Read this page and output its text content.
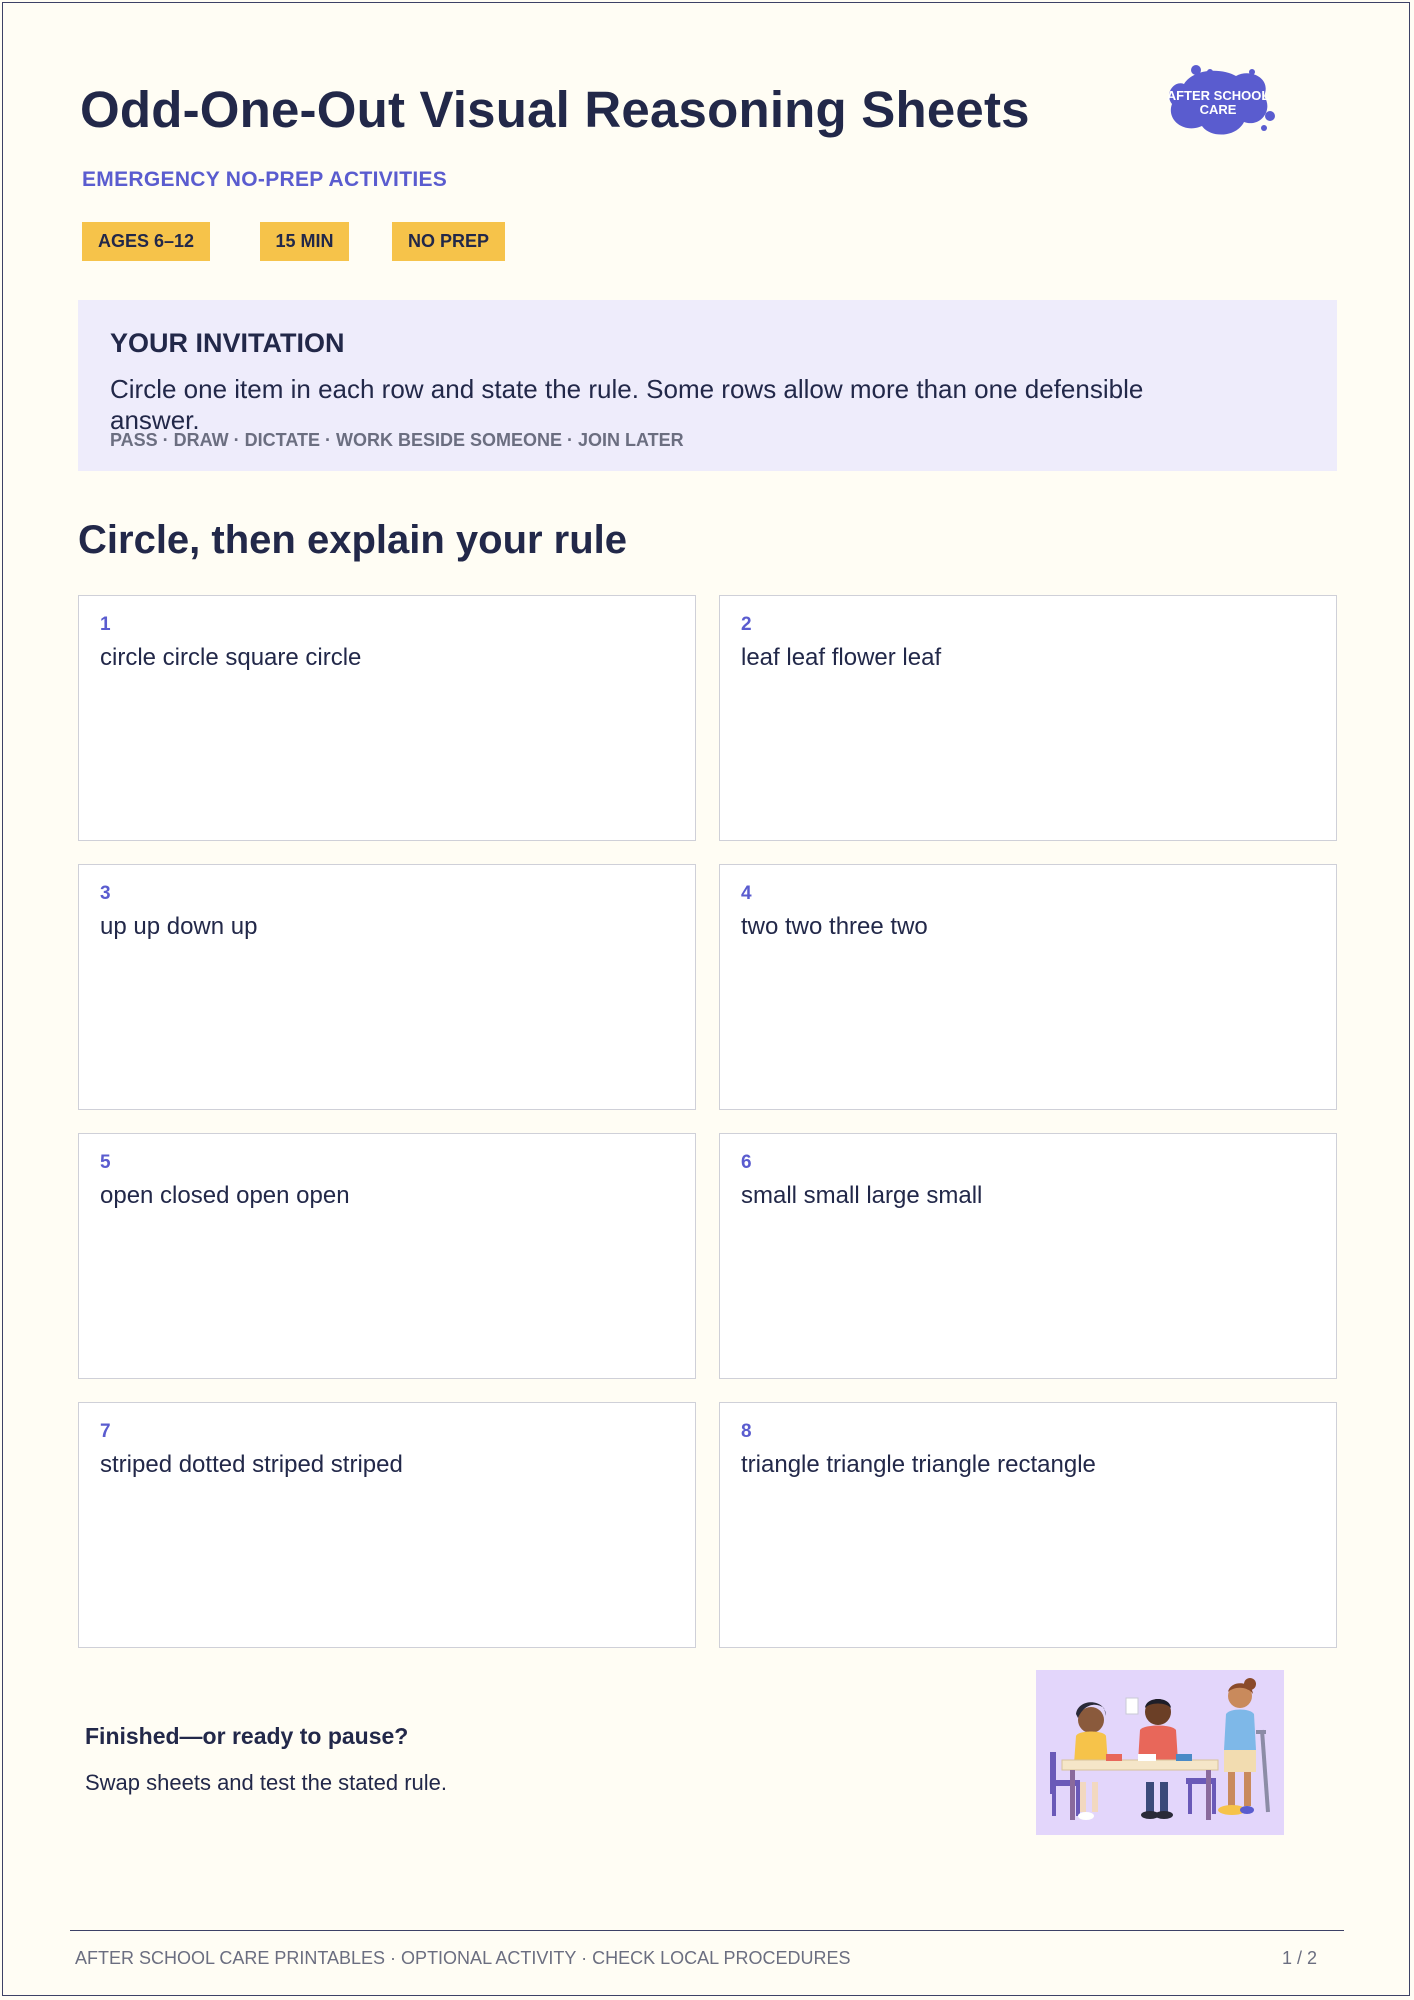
Odd-One-Out Visual Reasoning Sheets	AFTER SCHOOL
CARE
EMERGENCY NO-PREP ACTIVITIES
AGES 6–12	15 MIN	NO PREP
YOUR INVITATION
Circle one item in each row and state the rule. Some rows allow more than one defensible answer.
PASS · DRAW · DICTATE · WORK BESIDE SOMEONE · JOIN LATER
Circle, then explain your rule
1
circle circle square circle
2
leaf leaf flower leaf
3
up up down up
4
two two three two
5
open closed open open
6
small small large small
7
striped dotted striped striped
8
triangle triangle triangle rectangle
Finished—or ready to pause?
Swap sheets and test the stated rule.
AFTER SCHOOL CARE PRINTABLES · OPTIONAL ACTIVITY · CHECK LOCAL PROCEDURES	1 / 2
